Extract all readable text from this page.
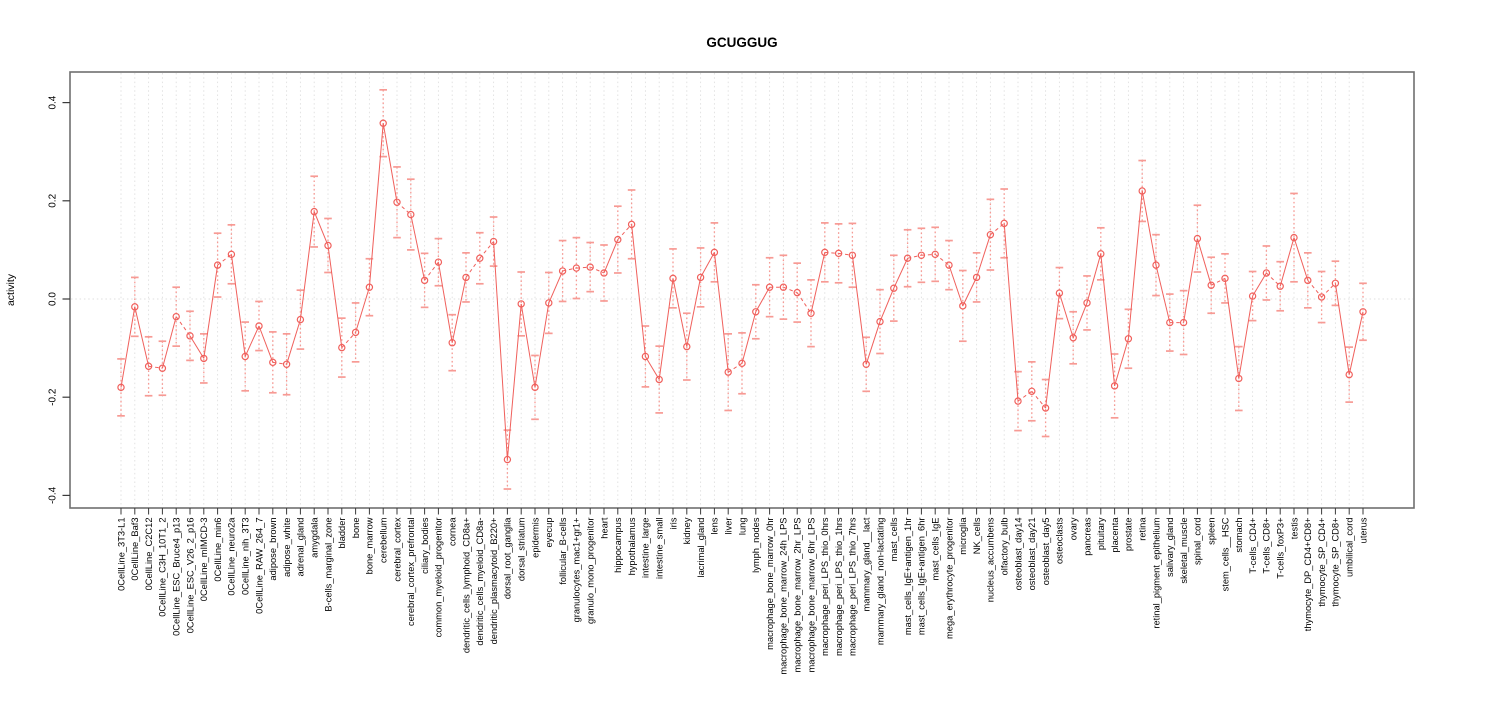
-0.4
-0.2
0.0
0.2
0.4
0CellLine_3T3-L1 0CellLine_Baf3 0CellLine_C2C12 0CellLine_C3H_10T1_2 0CellLine_ESC_Bruce4_p13 0CellLine_ESC_V26_2_p16 0CellLine_mIMCD-3 0CellLine_min6 0CellLine_neuro2a 0CellLine_nih_3T3 0CellLine_RAW_264_7 adipose_brown adipose_white adrenal_gland amygdala B-cells_marginal_zone bladder bone bone_marrow cerebellum cerebral_cortex cerebral_cortex_prefrontal ciliary_bodies common_myeloid_progenitor cornea dendritic_cells_lymphoid_CD8a+ dendritic_cells_myeloid_CD8a- dendritic_plasmacytoid_B220+ dorsal_root_ganglia dorsal_striatum epidermis eyecup follicular_B-cells granulocytes_mac1+gr1+ granulo_mono_progenitor heart hippocampus hypothalamus intestine_large intestine_small iris kidney lacrimal_gland lens liver lung lymph_nodes macrophage_bone_marrow_0hr macrophage_bone_marrow_24h_LPS macrophage_bone_marrow_2hr_LPS macrophage_bone_marrow_6hr_LPS macrophage_peri_LPS_thio_0hrs macrophage_peri_LPS_thio_1hrs macrophage_peri_LPS_thio_7hrs mammary_gland__lact mammary_gland_non-lactating mast_cells mast_cells_IgE+antigen_1hr mast_cells_IgE+antigen_6hr mast_cells_IgE mega_erythrocyte_progenitor microglia NK_cells nucleus_accumbens olfactory_bulb osteoblast_day14 osteoblast_day21 osteoblast_day5 osteoclasts ovary pancreas pituitary placenta prostate retina retinal_pigment_epithelium salivary_gland skeletal_muscle spinal_cord spleen stem_cells__HSC stomach T-cells_CD4+ T-cells_CD8+ T-cells_foxP3+ testis thymocyte_DP_CD4+CD8+ thymocyte_SP_CD4+ thymocyte_SP_CD8+ umbilical_cord uterus
GCUGGUG
activity
